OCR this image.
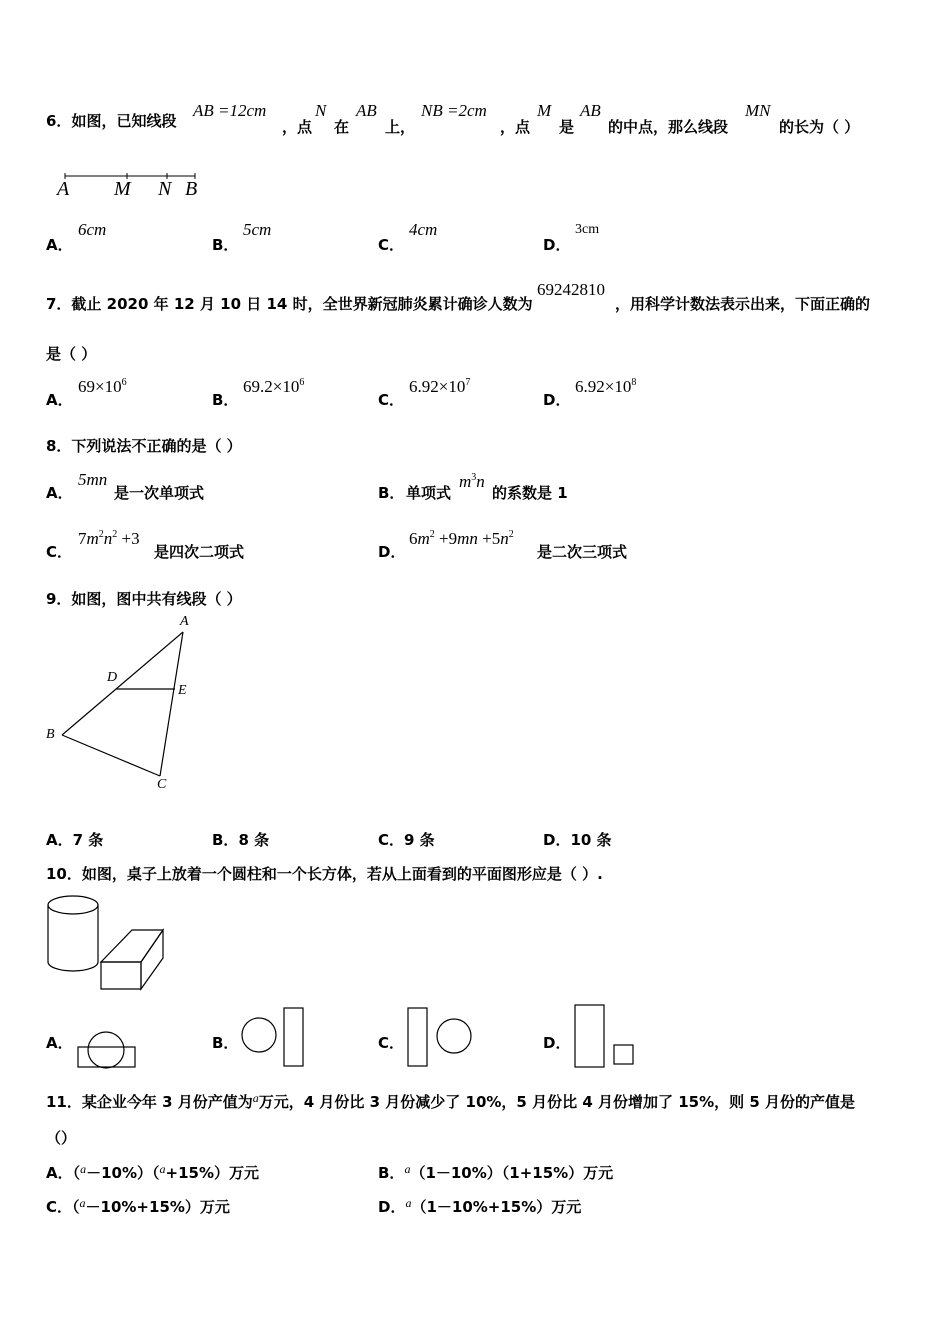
6．如图，已知线段
AB =12cm
，点
N
在
AB
上，
NB =2cm
，点
M
是
AB
的中点，那么线段
MN
的长为（ ）
A M N B
A．
6cm
B．
5cm
C．
4cm
D．
3cm
7．截止 2020 年 12 月 10 日 14 时，全世界新冠肺炎累计确诊人数为
69242810
，用科学计数法表示出来，下面正确的
是（ ）
A．
$69\times 10^6$
B．
$69.2\times 10^6$
C．
$6.92\times 10^7$
D．
$6.92\times 10^8$
8．下列说法不正确的是（ ）
A．
5mn
是一次单项式	B． 单项式
$m^3n$
的系数是 1
C．
$7m^2n^2 +3$
是四次二项式	D．
$6m^2 +9mn +5n^2$
是二次三项式
9．如图，图中共有线段（ ）
A
D
E
B
C
A．7 条	B．8 条	C．9 条	D．10 条
10．如图，桌子上放着一个圆柱和一个长方体，若从上面看到的平面图形应是（ ）.
A．	B．	C．	D．
11．某企业今年 3 月份产值为$^a$万元，4 月份比 3 月份减少了 10%，5 月份比 4 月份增加了 15%，则 5 月份的产值是
（）
A．（$^a$－10%）（$^a$+15%）万元	B．$^a$（1－10%）（1+15%）万元
C．（$^a$－10%+15%）万元	D．$^a$（1－10%+15%）万元
